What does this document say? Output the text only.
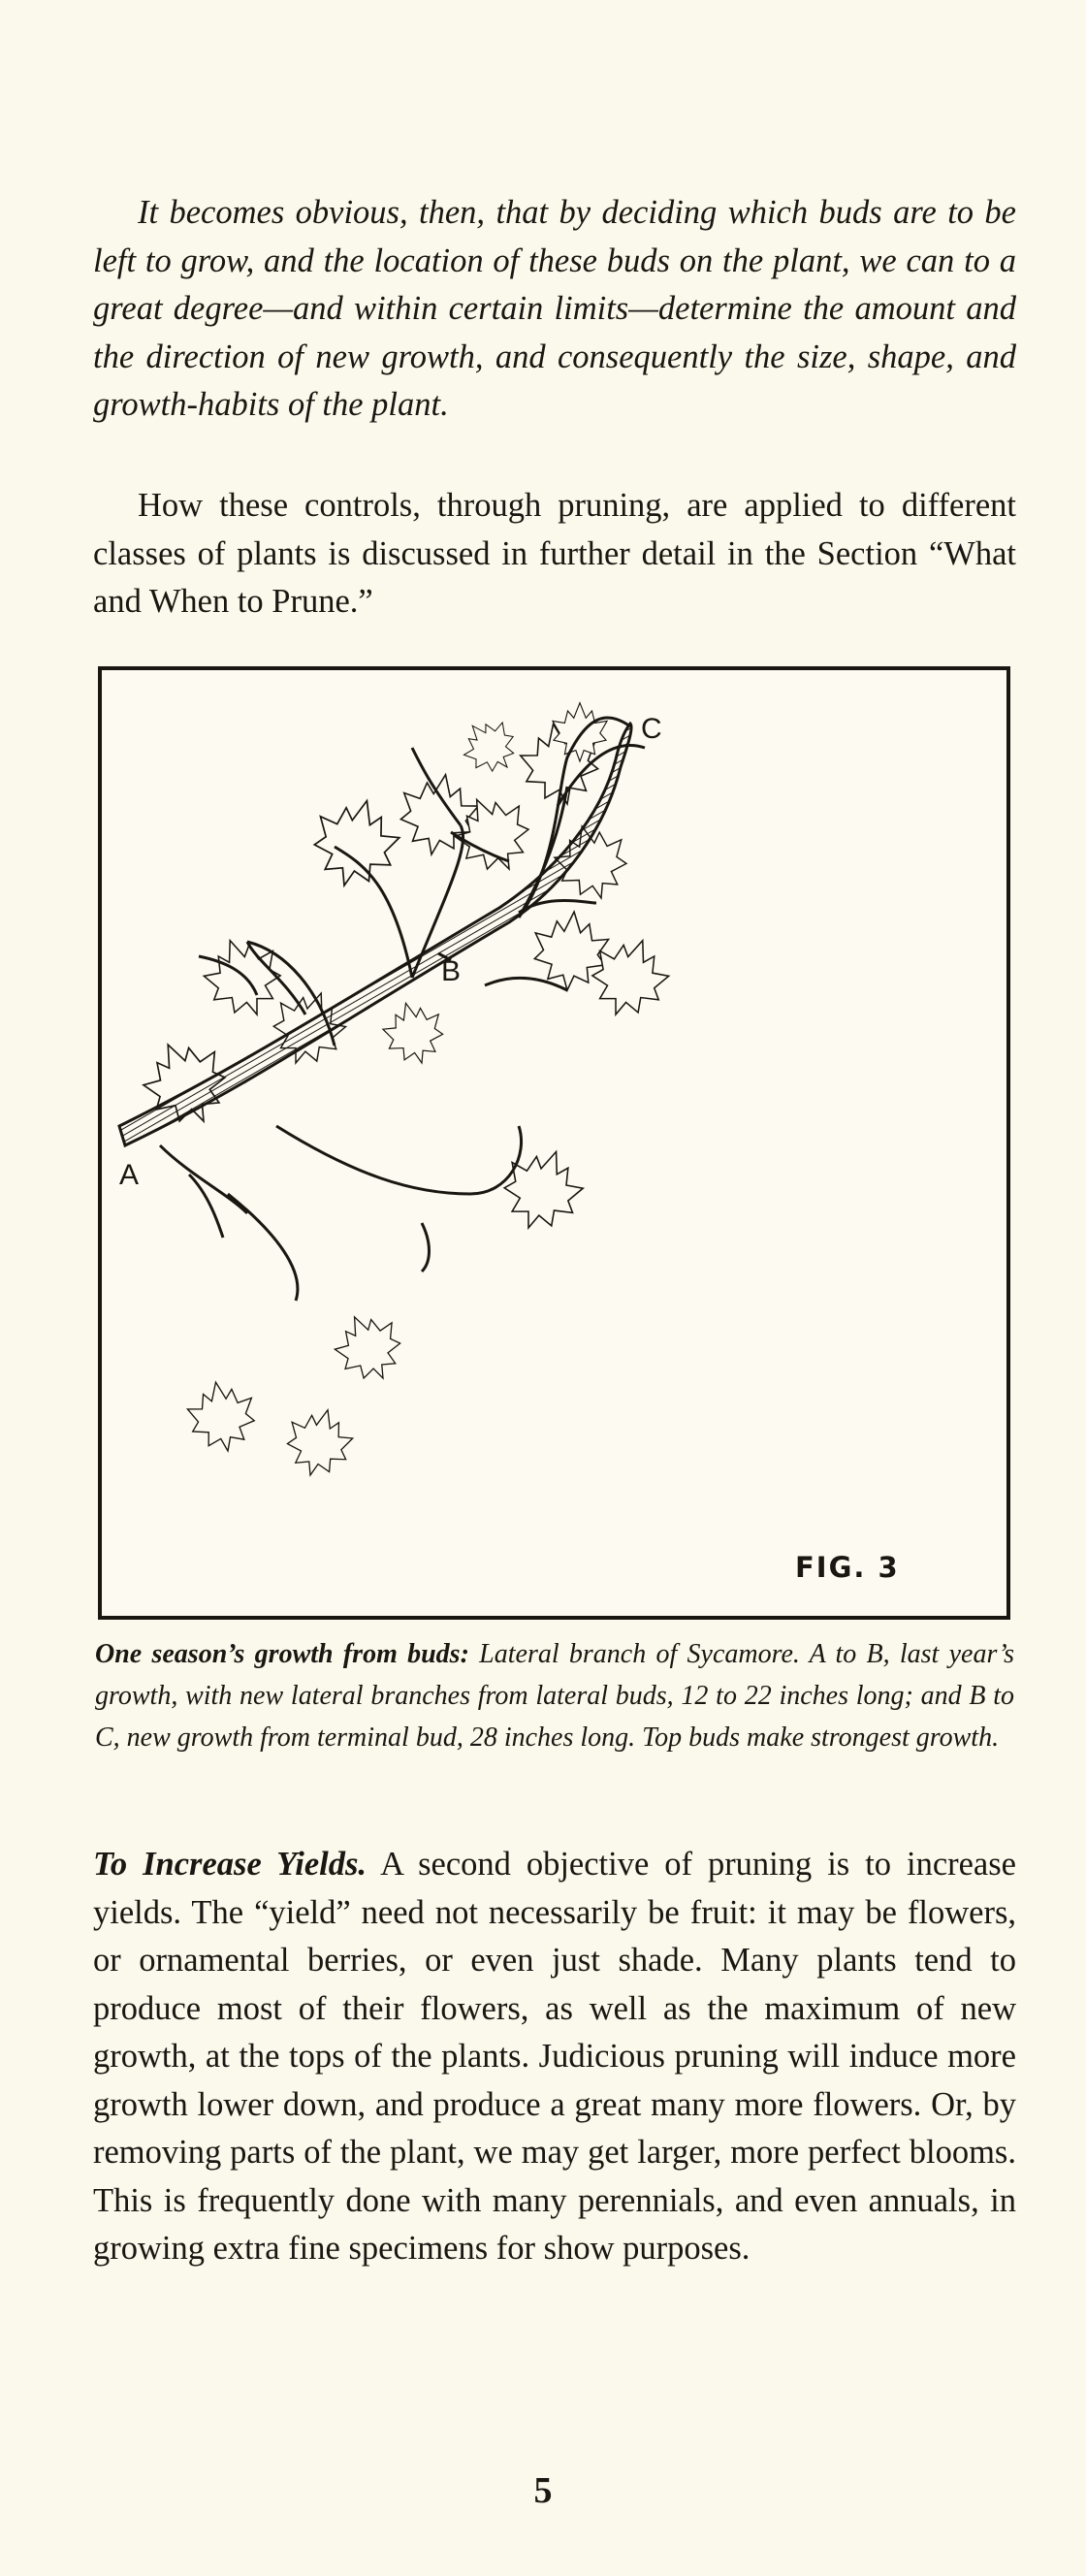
It becomes obvious, then, that by deciding which buds are to be left to grow, and the location of these buds on the plant, we can to a great degree—and within certain limits—determine the amount and the direction of new growth, and consequently the size, shape, and growth-habits of the plant.

How these controls, through pruning, are applied to different classes of plants is discussed in further detail in the Section “What and When to Prune.”

A
B
C
FIG. 3

One season’s growth from buds: Lateral branch of Sycamore. A to B, last year’s growth, with new lateral branches from lateral buds, 12 to 22 inches long; and B to C, new growth from terminal bud, 28 inches long. Top buds make strongest growth.

To Increase Yields. A second objective of pruning is to increase yields. The “yield” need not necessarily be fruit: it may be flowers, or ornamental berries, or even just shade. Many plants tend to produce most of their flowers, as well as the maximum of new growth, at the tops of the plants. Judicious pruning will induce more growth lower down, and produce a great many more flowers. Or, by removing parts of the plant, we may get larger, more perfect blooms. This is frequently done with many perennials, and even annuals, in growing extra fine specimens for show purposes.

5
